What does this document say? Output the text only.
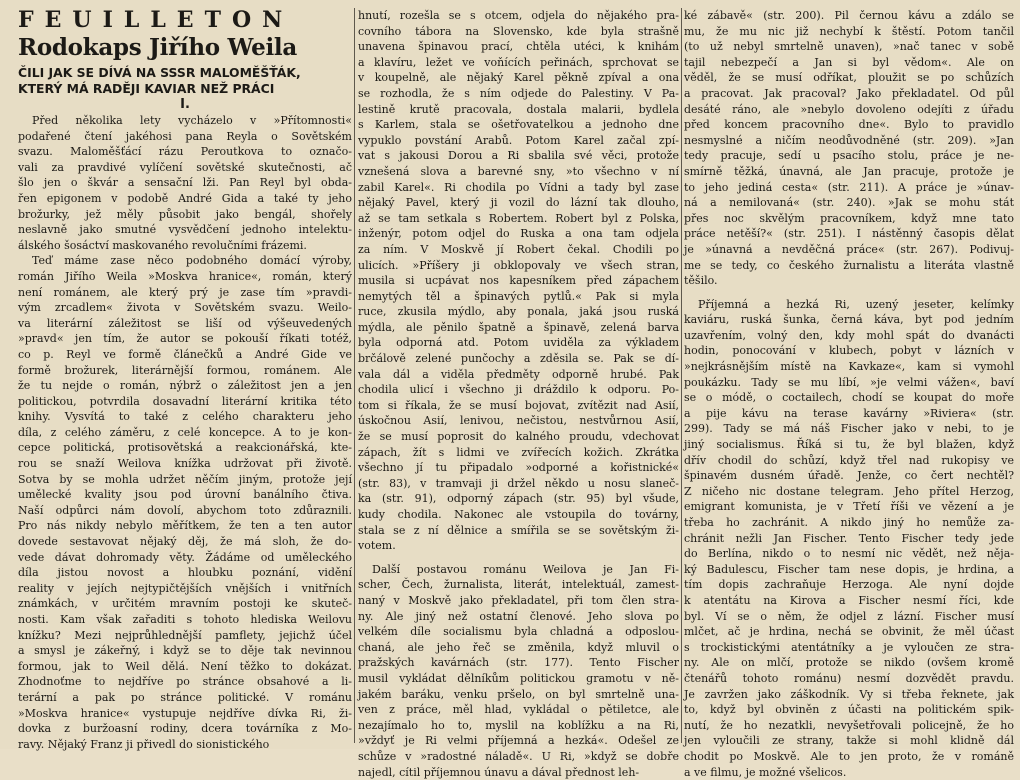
FEUILLETON
Rodokaps Jiřího Weila
ČILI JAK SE DÍVÁ NA SSSR MALOMĚŠŤÁK,
KTERÝ MÁ RADĚJI KAVIAR NEŽ PRÁCI
I.
Před několika lety vycházelo v »Přítomnosti«
podařené čtení jakéhosi pana Reyla o Sovětském
svazu. Maloměšťácí rázu Peroutkova to označo-
vali za pravdivé vylíčení sovětské skutečnosti, ač
šlo jen o škvár a sensační lži. Pan Reyl byl obda-
řen epigonem v podobě André Gida a také ty jeho
brožurky, jež měly působit jako bengál, shořely
neslavně jako smutné vysvědčení jednoho intelektu-
álského šosáctví maskovaného revolučními frázemi.
Teď máme zase něco podobného domácí výroby,
román Jiřího Weila »Moskva hranice«, román, který
není románem, ale který prý je zase tím »pravdi-
vým zrcadlem« života v Sovětském svazu. Weilo-
va literární záležitost se liší od výšeuvedených
»pravd« jen tím, že autor se pokouší říkati totéž,
co p. Reyl ve formě článečků a André Gide ve
formě brožurek, literárnější formou, románem. Ale
že tu nejde o román, nýbrž o záležitost jen a jen
politickou, potvrdila dosavadní literární kritika této
knihy. Vysvítá to také z celého charakteru jeho
díla, z celého záměru, z celé koncepce. A to je kon-
cepce politická, protisovětská a reakcionářská, kte-
rou se snaží Weilova knížka udržovat při životě.
Sotva by se mohla udržet něčím jiným, protože její
umělecké kvality jsou pod úrovní banálního čtiva.
Naší odpůrci nám dovolí, abychom toto zdůraznili.
Pro nás nikdy nebylo měřítkem, že ten a ten autor
dovede sestavovat nějaký děj, že má sloh, že do-
vede dávat dohromady věty. Žádáme od uměleckého
díla jistou novost a hloubku poznání, vidění
reality v jejích nejtypičtějších vnějších i vnitřních
známkách, v určitém mravním postoji ke skuteč-
nosti. Kam však zařaditi s tohoto hlediska Weilovu
knížku? Mezi nejprůhlednější pamflety, jejichž účel
a smysl je zákeřný, i když se to děje tak nevinnou
formou, jak to Weil dělá. Není těžko to dokázat.
Zhodnoťme to nejdříve po stránce obsahové a li-
terární a pak po stránce politické. V románu
»Moskva hranice« vystupuje nejdříve dívka Ri, ži-
dovka z buržoasní rodiny, dcera továrníka z Mo-
ravy. Nějaký Franz ji přivedl do sionistického
hnutí, rozešla se s otcem, odjela do nějakého pra-
covního tábora na Slovensko, kde byla strašně
unavena špinavou prací, chtěla utéci, k knihám
a klavíru, ležet ve voňících peřinách, sprchovat se
v koupelně, ale nějaký Karel pěkně zpíval a ona
se rozhodla, že s ním odjede do Palestiny. V Pa-
lestině krutě pracovala, dostala malarii, bydlela
s Karlem, stala se ošetřovatelkou a jednoho dne
vypuklo povstání Arabů. Potom Karel začal zpí-
vat s jakousi Dorou a Ri sbalila své věci, protože
vznešená slova a barevné sny, »to všechno v ní
zabil Karel«. Ri chodila po Vídni a tady byl zase
nějaký Pavel, který ji vozil do lázní tak dlouho,
až se tam setkala s Robertem. Robert byl z Polska,
inženýr, potom odjel do Ruska a ona tam odjela
za ním. V Moskvě jí Robert čekal. Chodili po
ulicích. »Příšery ji obklopovaly ve všech stran,
musila si ucpávat nos kapesníkem před zápachem
nemytých těl a špinavých pytlů.« Pak si myla
ruce, zkusila mýdlo, aby ponala, jaká jsou ruská
mýdla, ale pěnilo špatně a špinavě, zelená barva
byla odporná atd. Potom uviděla za výkladem
brčálově zelené punčochy a zděsila se. Pak se dí-
vala dál a viděla předměty odporně hrubé. Pak
chodila ulicí i všechno ji dráždilo k odporu. Po-
tom si říkala, že se musí bojovat, zvítězit nad Asií,
úskočnou Asií, lenivou, nečistou, nestvůrnou Asií,
že se musí poprosit do kalného proudu, vdechovat
zápach, žít s lidmi ve zvířecích kožich. Zkrátka
všechno jí tu připadalo »odporné a kořistnické«
(str. 83), v tramvaji ji držel někdo u nosu slaneč-
ka (str. 91), odporný zápach (str. 95) byl všude,
kudy chodila. Nakonec ale vstoupila do továrny,
stala se z ní dělnice a smířila se se sovětským ži-
votem.
Další postavou románu Weilova je Jan Fi-
scher, Čech, žurnalista, literát, intelektuál, zamest-
naný v Moskvě jako překladatel, při tom člen stra-
ny. Ale jiný než ostatní členové. Jeho slova po
velkém díle socialismu byla chladná a odposlou-
chaná, ale jeho řeč se změnila, když mluvil o
pražských kavárnách (str. 177). Tento Fischer
musil vykládat dělníkům politickou gramotu v ně-
jakém baráku, venku pršelo, on byl smrtelně una-
ven z práce, měl hlad, vykládal o pětiletce, ale
nezajímalo ho to, myslil na koblížku a na Ri,
»vždyť je Ri velmi příjemná a hezká«. Odešel ze
schůze v »radostné náladě«. U Ri, »když se dobře
najedl, cítil příjemnou únavu a dával přednost leh-
ké zábavě« (str. 200). Pil černou kávu a zdálo se
mu, že mu nic již nechybí k štěstí. Potom tančil
(to už nebyl smrtelně unaven), »nač tanec v sobě
tajil nebezpečí a Jan si byl vědom«. Ale on
věděl, že se musí odříkat, ploužit se po schůzích
a pracovat. Jak pracoval? Jako překladatel. Od půl
desáté ráno, ale »nebylo dovoleno odejíti z úřadu
před koncem pracovního dne«. Bylo to pravidlo
nesmyslné a ničím neodůvodněné (str. 209). »Jan
tedy pracuje, sedí u psacího stolu, práce je ne-
smírně těžká, únavná, ale Jan pracuje, protože je
to jeho jediná cesta« (str. 211). A práce je »únav-
ná a nemilovaná« (str. 240). »Jak se mohu stát
přes noc skvělým pracovníkem, když mne tato
práce netěší?« (str. 251). I nástěnný časopis dělat
je »únavná a nevděčná práce« (str. 267). Podivuj-
me se tedy, co českého žurnalistu a literáta vlastně
těšilo.
Příjemná a hezká Ri, uzený jeseter, kelímky
kaviáru, ruská šunka, černá káva, byt pod jedním
uzavřením, volný den, kdy mohl spát do dvanácti
hodin, ponocování v klubech, pobyt v lázních v
»nejkrásnějším místě na Kavkaze«, kam si vymohl
poukázku. Tady se mu líbí, »je velmi vážen«, baví
se o módě, o coctailech, chodí se koupat do moře
a pije kávu na terase kavárny »Riviera« (str.
299). Tady se má náš Fischer jako v nebi, to je
jiný socialismus. Říká si tu, že byl blažen, když
dřív chodil do schůzí, když třel nad rukopisy ve
špinavém dusném úřadě. Jenže, co čert nechtěl?
Z ničeho nic dostane telegram. Jeho přítel Herzog,
emigrant komunista, je v Třetí říši ve vězení a je
třeba ho zachránit. A nikdo jiný ho nemůže za-
chránit nežli Jan Fischer. Tento Fischer tedy jede
do Berlína, nikdo o to nesmí nic vědět, než něja-
ký Badulescu, Fischer tam nese dopis, je hrdina, a
tím dopis zachraňuje Herzoga. Ale nyní dojde
k atentátu na Kirova a Fischer nesmí říci, kde
byl. Ví se o něm, že odjel z lázní. Fischer musí
mlčet, ač je hrdina, nechá se obvinit, že měl účast
s trockistickými atentátníky a je vyloučen ze stra-
ny. Ale on mlčí, protože se nikdo (ovšem kromě
čtenářů tohoto románu) nesmí dozvědět pravdu.
Je zavržen jako záškodník. Vy si třeba řeknete, jak
to, když byl obviněn z účasti na politickém spik-
nutí, že ho nezatkli, nevyšetřovali policejně, že ho
jen vyloučili ze strany, takže si mohl klidně dál
chodit po Moskvě. Ale to jen proto, že v románě
a ve filmu, je možné všelicos.
